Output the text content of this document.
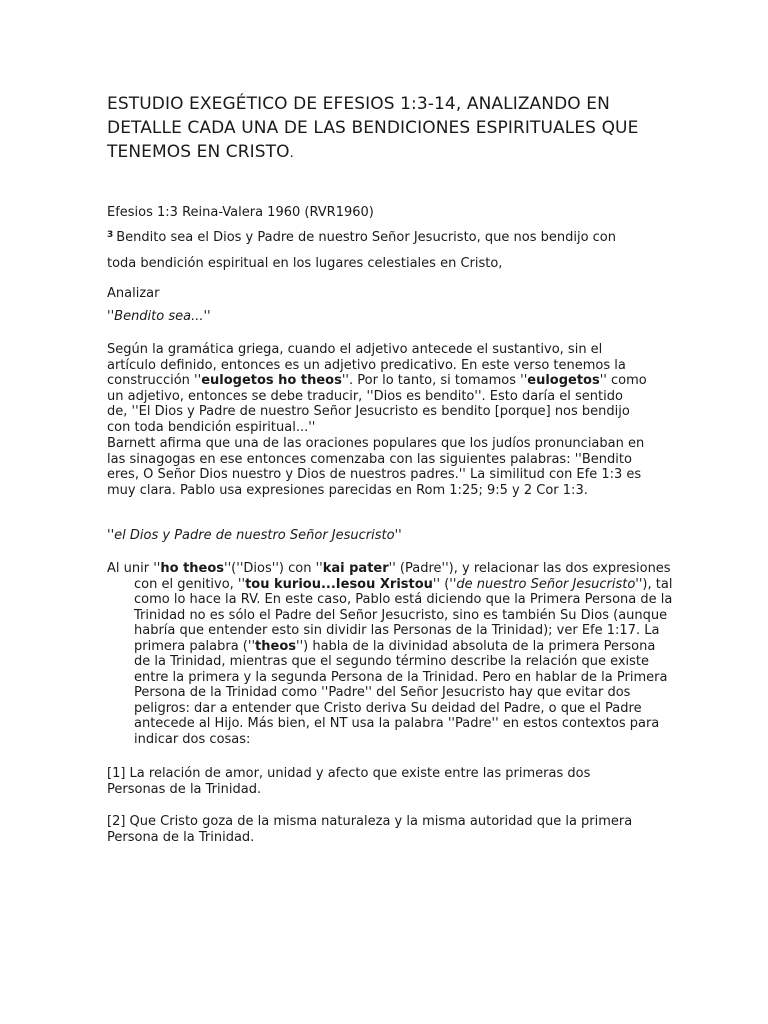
ESTUDIO EXEGÉTICO DE EFESIOS 1:3-14, ANALIZANDO EN DETALLE CADA UNA DE LAS BENDICIONES ESPIRITUALES QUE TENEMOS EN CRISTO.

Efesios 1:3 Reina-Valera 1960 (RVR1960)

$^3$ Bendito sea el Dios y Padre de nuestro Señor Jesucristo, que nos bendijo con toda bendición espiritual en los lugares celestiales en Cristo,

Analizar

''Bendito sea...''

Según la gramática griega, cuando el adjetivo antecede el sustantivo, sin el artículo definido, entonces es un adjetivo predicativo. En este verso tenemos la construcción ''eulogetos ho theos''. Por lo tanto, si tomamos ''eulogetos'' como un adjetivo, entonces se debe traducir, ''Dios es bendito''. Esto daría el sentido de, ''El Dios y Padre de nuestro Señor Jesucristo es bendito [porque] nos bendijo con toda bendición espiritual...''

Barnett afirma que una de las oraciones populares que los judíos pronunciaban en las sinagogas en ese entonces comenzaba con las siguientes palabras: ''Bendito eres, O Señor Dios nuestro y Dios de nuestros padres.'' La similitud con Efe 1:3 es muy clara. Pablo usa expresiones parecidas en Rom 1:25; 9:5 y 2 Cor 1:3.

''el Dios y Padre de nuestro Señor Jesucristo''

Al unir ''ho theos''(''Dios'') con ''kai pater'' (Padre''), y relacionar las dos expresiones con el genitivo, ''tou kuriou...Iesou Xristou'' (''de nuestro Señor Jesucristo''), tal como lo hace la RV. En este caso, Pablo está diciendo que la Primera Persona de la Trinidad no es sólo el Padre del Señor Jesucristo, sino es también Su Dios (aunque habría que entender esto sin dividir las Personas de la Trinidad); ver Efe 1:17. La primera palabra (''theos'') habla de la divinidad absoluta de la primera Persona de la Trinidad, mientras que el segundo término describe la relación que existe entre la primera y la segunda Persona de la Trinidad. Pero en hablar de la Primera Persona de la Trinidad como ''Padre'' del Señor Jesucristo hay que evitar dos peligros: dar a entender que Cristo deriva Su deidad del Padre, o que el Padre antecede al Hijo. Más bien, el NT usa la palabra ''Padre'' en estos contextos para indicar dos cosas:

[1] La relación de amor, unidad y afecto que existe entre las primeras dos Personas de la Trinidad.

[2] Que Cristo goza de la misma naturaleza y la misma autoridad que la primera Persona de la Trinidad.
